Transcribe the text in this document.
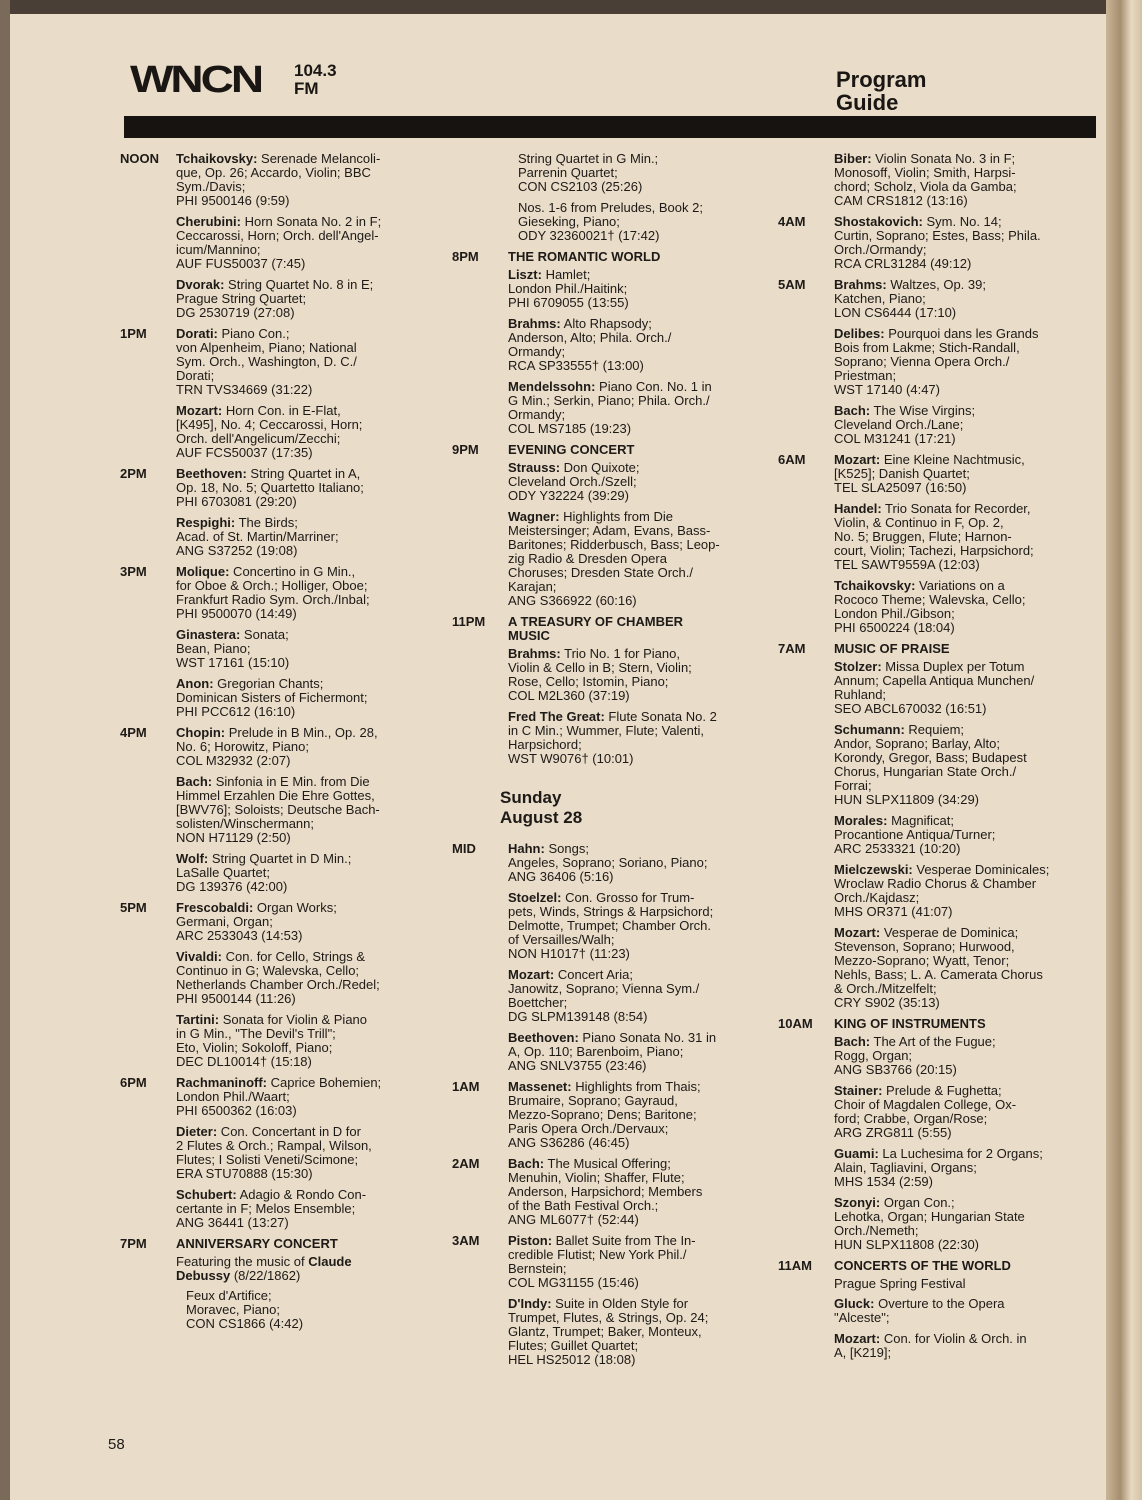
WNCN 104.3
FM	Program
Guide
NOON	Tchaikovsky: Serenade Melancoli-
que, Op. 26; Accardo, Violin; BBC
Sym./Davis;
PHI 9500146 (9:59)
Cherubini: Horn Sonata No. 2 in F;
Ceccarossi, Horn; Orch. dell'Angel-
icum/Mannino;
AUF FUS50037 (7:45)
Dvorak: String Quartet No. 8 in E;
Prague String Quartet;
DG 2530719 (27:08)
1PM	Dorati: Piano Con.;
von Alpenheim, Piano; National
Sym. Orch., Washington, D. C./
Dorati;
TRN TVS34669 (31:22)
Mozart: Horn Con. in E-Flat,
[K495], No. 4; Ceccarossi, Horn;
Orch. dell'Angelicum/Zecchi;
AUF FCS50037 (17:35)
2PM	Beethoven: String Quartet in A,
Op. 18, No. 5; Quartetto Italiano;
PHI 6703081 (29:20)
Respighi: The Birds;
Acad. of St. Martin/Marriner;
ANG S37252 (19:08)
3PM	Molique: Concertino in G Min.,
for Oboe & Orch.; Holliger, Oboe;
Frankfurt Radio Sym. Orch./Inbal;
PHI 9500070 (14:49)
Ginastera: Sonata;
Bean, Piano;
WST 17161 (15:10)
Anon: Gregorian Chants;
Dominican Sisters of Fichermont;
PHI PCC612 (16:10)
4PM	Chopin: Prelude in B Min., Op. 28,
No. 6; Horowitz, Piano;
COL M32932 (2:07)
Bach: Sinfonia in E Min. from Die
Himmel Erzahlen Die Ehre Gottes,
[BWV76]; Soloists; Deutsche Bach-
solisten/Winschermann;
NON H71129 (2:50)
Wolf: String Quartet in D Min.;
LaSalle Quartet;
DG 139376 (42:00)
5PM	Frescobaldi: Organ Works;
Germani, Organ;
ARC 2533043 (14:53)
Vivaldi: Con. for Cello, Strings &
Continuo in G; Walevska, Cello;
Netherlands Chamber Orch./Redel;
PHI 9500144 (11:26)
Tartini: Sonata for Violin & Piano
in G Min., "The Devil's Trill";
Eto, Violin; Sokoloff, Piano;
DEC DL10014† (15:18)
6PM	Rachmaninoff: Caprice Bohemien;
London Phil./Waart;
PHI 6500362 (16:03)
Dieter: Con. Concertant in D for
2 Flutes & Orch.; Rampal, Wilson,
Flutes; I Solisti Veneti/Scimone;
ERA STU70888 (15:30)
Schubert: Adagio & Rondo Con-
certante in F; Melos Ensemble;
ANG 36441 (13:27)
7PM	ANNIVERSARY CONCERT
Featuring the music of Claude
Debussy (8/22/1862)
Feux d'Artifice;
Moravec, Piano;
CON CS1866 (4:42)
String Quartet in G Min.;
Parrenin Quartet;
CON CS2103 (25:26)
Nos. 1-6 from Preludes, Book 2;
Gieseking, Piano;
ODY 32360021† (17:42)
8PM	THE ROMANTIC WORLD
Liszt: Hamlet;
London Phil./Haitink;
PHI 6709055 (13:55)
Brahms: Alto Rhapsody;
Anderson, Alto; Phila. Orch./
Ormandy;
RCA SP33555† (13:00)
Mendelssohn: Piano Con. No. 1 in
G Min.; Serkin, Piano; Phila. Orch./
Ormandy;
COL MS7185 (19:23)
9PM	EVENING CONCERT
Strauss: Don Quixote;
Cleveland Orch./Szell;
ODY Y32224 (39:29)
Wagner: Highlights from Die
Meistersinger; Adam, Evans, Bass-
Baritones; Ridderbusch, Bass; Leop-
zig Radio & Dresden Opera
Choruses; Dresden State Orch./
Karajan;
ANG S366922 (60:16)
11PM	A TREASURY OF CHAMBER
MUSIC
Brahms: Trio No. 1 for Piano,
Violin & Cello in B; Stern, Violin;
Rose, Cello; Istomin, Piano;
COL M2L360 (37:19)
Fred The Great: Flute Sonata No. 2
in C Min.; Wummer, Flute; Valenti,
Harpsichord;
WST W9076† (10:01)
Sunday
August 28
MID	Hahn: Songs;
Angeles, Soprano; Soriano, Piano;
ANG 36406 (5:16)
Stoelzel: Con. Grosso for Trum-
pets, Winds, Strings & Harpsichord;
Delmotte, Trumpet; Chamber Orch.
of Versailles/Walh;
NON H1017† (11:23)
Mozart: Concert Aria;
Janowitz, Soprano; Vienna Sym./
Boettcher;
DG SLPM139148 (8:54)
Beethoven: Piano Sonata No. 31 in
A, Op. 110; Barenboim, Piano;
ANG SNLV3755 (23:46)
1AM	Massenet: Highlights from Thais;
Brumaire, Soprano; Gayraud,
Mezzo-Soprano; Dens; Baritone;
Paris Opera Orch./Dervaux;
ANG S36286 (46:45)
2AM	Bach: The Musical Offering;
Menuhin, Violin; Shaffer, Flute;
Anderson, Harpsichord; Members
of the Bath Festival Orch.;
ANG ML6077† (52:44)
3AM	Piston: Ballet Suite from The In-
credible Flutist; New York Phil./
Bernstein;
COL MG31155 (15:46)
D'Indy: Suite in Olden Style for
Trumpet, Flutes, & Strings, Op. 24;
Glantz, Trumpet; Baker, Monteux,
Flutes; Guillet Quartet;
HEL HS25012 (18:08)
Biber: Violin Sonata No. 3 in F;
Monosoff, Violin; Smith, Harpsi-
chord; Scholz, Viola da Gamba;
CAM CRS1812 (13:16)
4AM	Shostakovich: Sym. No. 14;
Curtin, Soprano; Estes, Bass; Phila.
Orch./Ormandy;
RCA CRL31284 (49:12)
5AM	Brahms: Waltzes, Op. 39;
Katchen, Piano;
LON CS6444 (17:10)
Delibes: Pourquoi dans les Grands
Bois from Lakme; Stich-Randall,
Soprano; Vienna Opera Orch./
Priestman;
WST 17140 (4:47)
Bach: The Wise Virgins;
Cleveland Orch./Lane;
COL M31241 (17:21)
6AM	Mozart: Eine Kleine Nachtmusic,
[K525]; Danish Quartet;
TEL SLA25097 (16:50)
Handel: Trio Sonata for Recorder,
Violin, & Continuo in F, Op. 2,
No. 5; Bruggen, Flute; Harnon-
court, Violin; Tachezi, Harpsichord;
TEL SAWT9559A (12:03)
Tchaikovsky: Variations on a
Rococo Theme; Walevska, Cello;
London Phil./Gibson;
PHI 6500224 (18:04)
7AM	MUSIC OF PRAISE
Stolzer: Missa Duplex per Totum
Annum; Capella Antiqua Munchen/
Ruhland;
SEO ABCL670032 (16:51)
Schumann: Requiem;
Andor, Soprano; Barlay, Alto;
Korondy, Gregor, Bass; Budapest
Chorus, Hungarian State Orch./
Forrai;
HUN SLPX11809 (34:29)
Morales: Magnificat;
Procantione Antiqua/Turner;
ARC 2533321 (10:20)
Mielczewski: Vesperae Dominicales;
Wroclaw Radio Chorus & Chamber
Orch./Kajdasz;
MHS OR371 (41:07)
Mozart: Vesperae de Dominica;
Stevenson, Soprano; Hurwood,
Mezzo-Soprano; Wyatt, Tenor;
Nehls, Bass; L. A. Camerata Chorus
& Orch./Mitzelfelt;
CRY S902 (35:13)
10AM	KING OF INSTRUMENTS
Bach: The Art of the Fugue;
Rogg, Organ;
ANG SB3766 (20:15)
Stainer: Prelude & Fughetta;
Choir of Magdalen College, Ox-
ford; Crabbe, Organ/Rose;
ARG ZRG811 (5:55)
Guami: La Luchesima for 2 Organs;
Alain, Tagliavini, Organs;
MHS 1534 (2:59)
Szonyi: Organ Con.;
Lehotka, Organ; Hungarian State
Orch./Nemeth;
HUN SLPX11808 (22:30)
11AM	CONCERTS OF THE WORLD
Prague Spring Festival
Gluck: Overture to the Opera
"Alceste";
Mozart: Con. for Violin & Orch. in
A, [K219];
58
